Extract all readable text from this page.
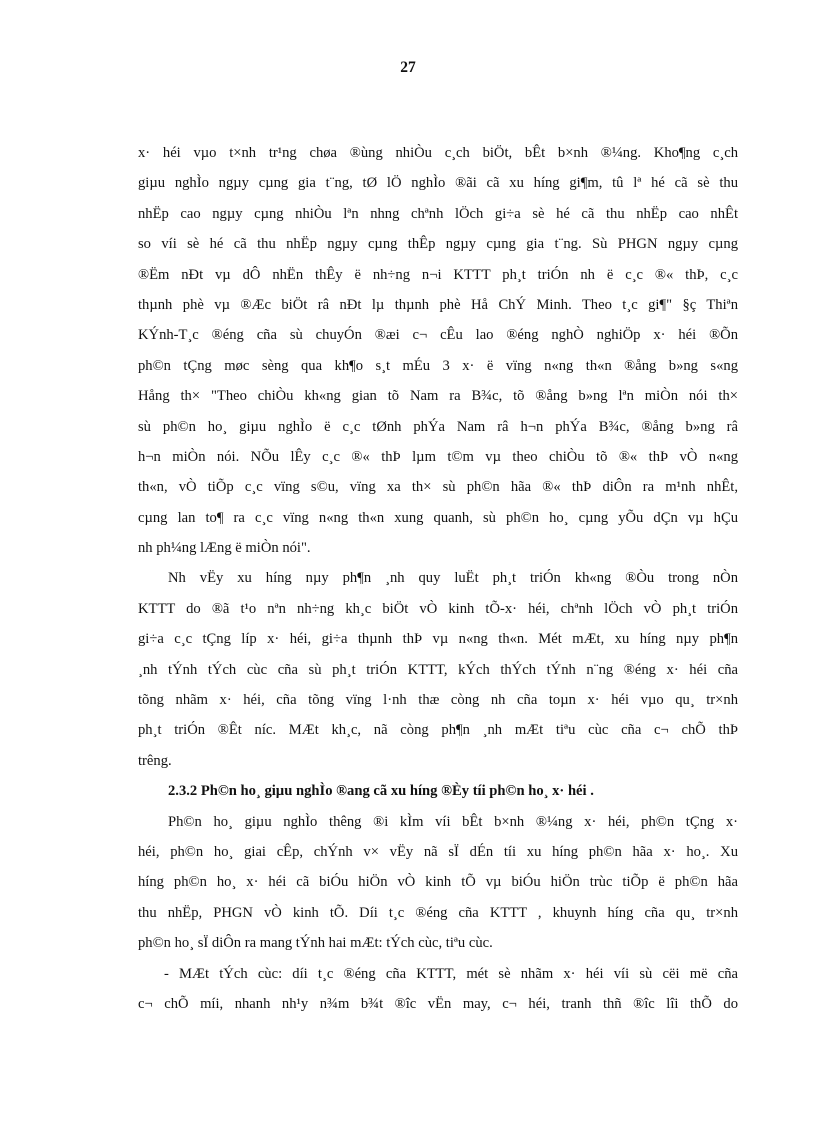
27
x· héi vµo t×nh tr¹ng chøa ®ùng nhiÒu c¸ch biÖt, bÊt b×nh ®¼ng. Kho¶ng c¸ch
giµu nghÌo ngµy cµng gia t¨ng, tØ lÖ nghÌo ®ãi cã xu híng gi¶m, tû lª hé cã sè thu
nhËp cao ngµy cµng nhiÒu lªn nhng chªnh lÖch gi÷a sè hé cã thu nhËp cao nhÊt
so víi sè hé cã thu nhËp ngµy cµng thÊp ngµy cµng gia t¨ng. Sù PHGN ngµy cµng
®Ëm nÐt vµ dÔ nhËn thÊy ë nh÷ng n¬i KTTT ph¸t triÓn nh ë c¸c ®« thÞ, c¸c
thµnh phè vµ ®Æc biÖt râ nÐt lµ thµnh phè Hå ChÝ Minh. Theo t¸c gi¶" §ç Thiªn
KÝnh-T¸c ®éng cña sù chuyÓn ®æi c¬ cÊu lao ®éng nghÒ nghiÖp x· héi ®Õn
ph©n tÇng møc sèng qua kh¶o s¸t mÉu 3 x· ë vïng n«ng th«n ®ång b»ng s«ng
Hång th× "Theo chiÒu kh«ng gian tõ Nam ra B¾c, tõ ®ång b»ng lªn miÒn nói th×
sù ph©n ho¸ giµu nghÌo ë c¸c tØnh phÝa Nam râ h¬n phÝa B¾c, ®ång b»ng râ
h¬n miÒn nói. NÕu lÊy c¸c ®« thÞ lµm t©m vµ theo chiÒu tõ ®« thÞ vÒ n«ng
th«n, vÒ tiÕp c¸c vïng s©u, vïng xa th× sù ph©n hãa ®« thÞ diÔn ra m¹nh nhÊt,
cµng lan to¶ ra c¸c vïng n«ng th«n xung quanh, sù ph©n ho¸ cµng yÕu dÇn vµ hÇu
nh ph¼ng lÆng ë miÒn nói".
Nh vËy xu híng nµy ph¶n ¸nh quy luËt ph¸t triÓn kh«ng ®Òu trong nÒn
KTTT do ®ã t¹o nªn nh÷ng kh¸c biÖt vÒ kinh tÕ-x· héi, chªnh lÖch vÒ ph¸t triÓn
gi÷a c¸c tÇng líp x· héi, gi÷a thµnh thÞ vµ n«ng th«n. Mét mÆt, xu híng nµy ph¶n
¸nh tÝnh tÝch cùc cña sù ph¸t triÓn KTTT, kÝch thÝch tÝnh n¨ng ®éng x· héi cña
tõng nhãm x· héi, cña tõng vïng l·nh thæ còng nh cña toµn x· héi vµo qu¸ tr×nh
ph¸t triÓn ®Êt níc. MÆt kh¸c, nã còng ph¶n ¸nh mÆt tiªu cùc cña c¬ chÕ thÞ
trêng.
2.3.2 Ph©n ho¸ giµu nghÌo ®ang cã xu híng ®Èy tíi ph©n ho¸ x· héi .
Ph©n ho¸ giµu nghÌo thêng ®i kÌm víi bÊt b×nh ®¼ng x· héi, ph©n tÇng x·
héi, ph©n ho¸ giai cÊp, chÝnh v× vËy nã sÏ dÉn tíi xu híng ph©n hãa x· ho¸. Xu
híng ph©n ho¸ x· héi cã biÓu hiÖn vÒ kinh tÕ vµ biÓu hiÖn trùc tiÕp ë ph©n hãa
thu nhËp, PHGN vÒ kinh tÕ. Díi t¸c ®éng cña KTTT , khuynh híng cña qu¸ tr×nh
ph©n ho¸ sÏ diÔn ra mang tÝnh hai mÆt: tÝch cùc, tiªu cùc.
- MÆt tÝch cùc: díi t¸c ®éng cña KTTT, mét sè nhãm x· héi víi sù cëi më cña
c¬ chÕ míi, nhanh nh¹y n¾m b¾t ®îc vËn may, c¬ héi, tranh thñ ®îc lîi thÕ do
